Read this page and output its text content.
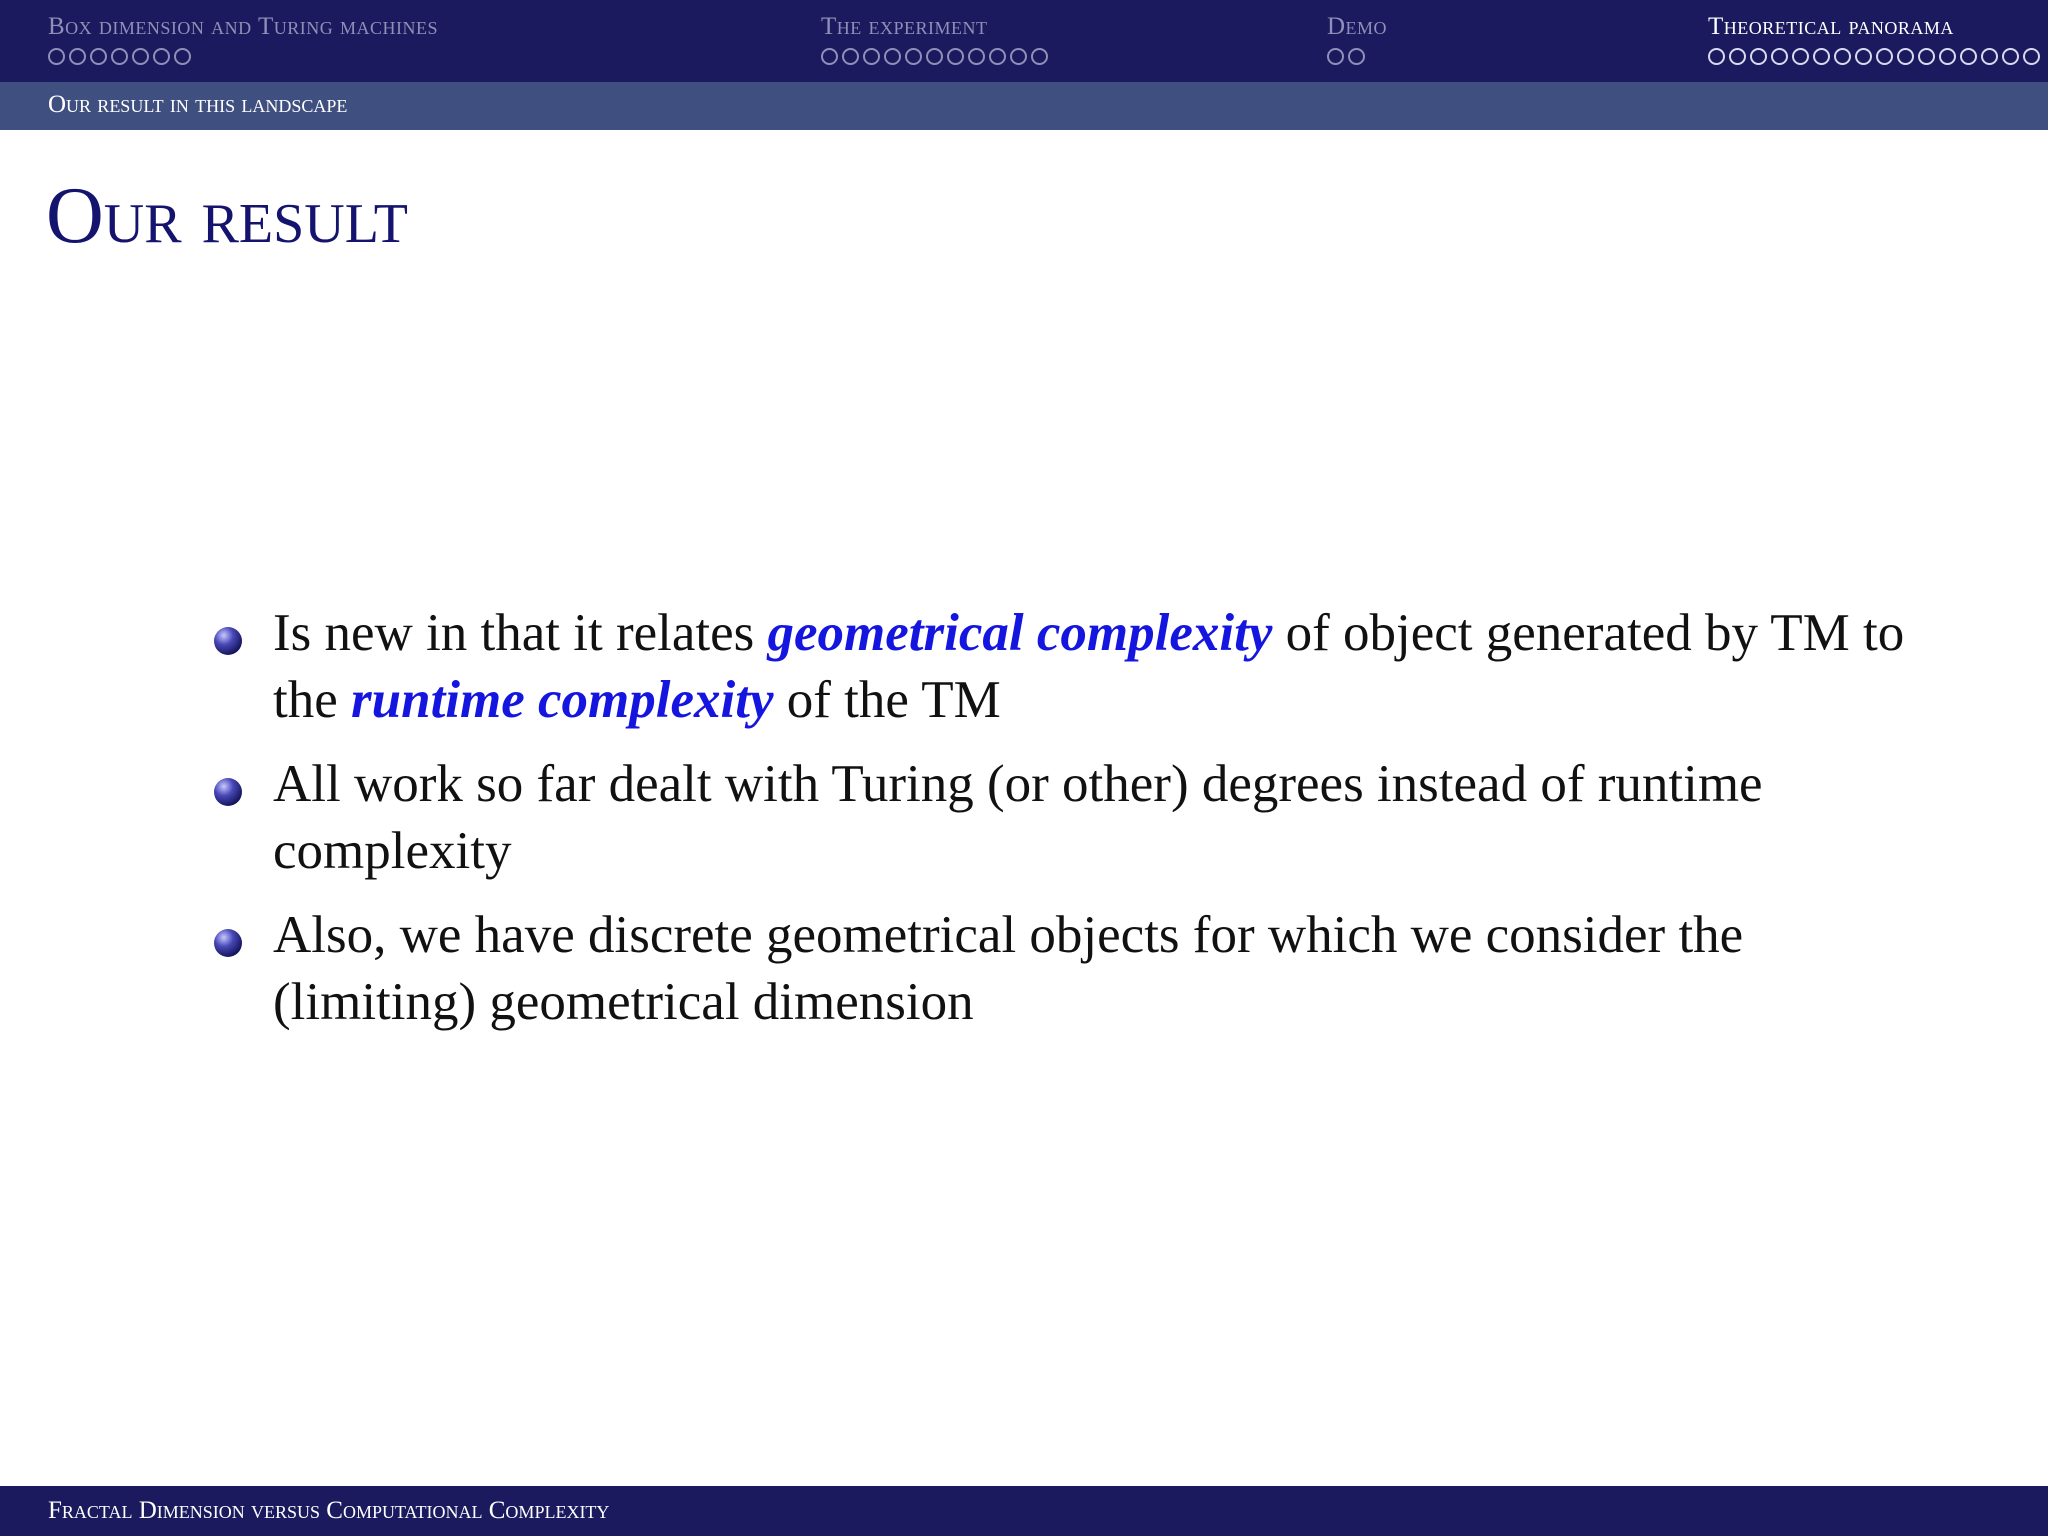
Box dimension and Turing machines	The experiment	Demo	Theoretical panorama
Our result in this landscape
Our result
Is new in that it relates geometrical complexity of object generated by TM to the runtime complexity of the TM
All work so far dealt with Turing (or other) degrees instead of runtime complexity
Also, we have discrete geometrical objects for which we consider the (limiting) geometrical dimension
Fractal Dimension versus Computational Complexity
